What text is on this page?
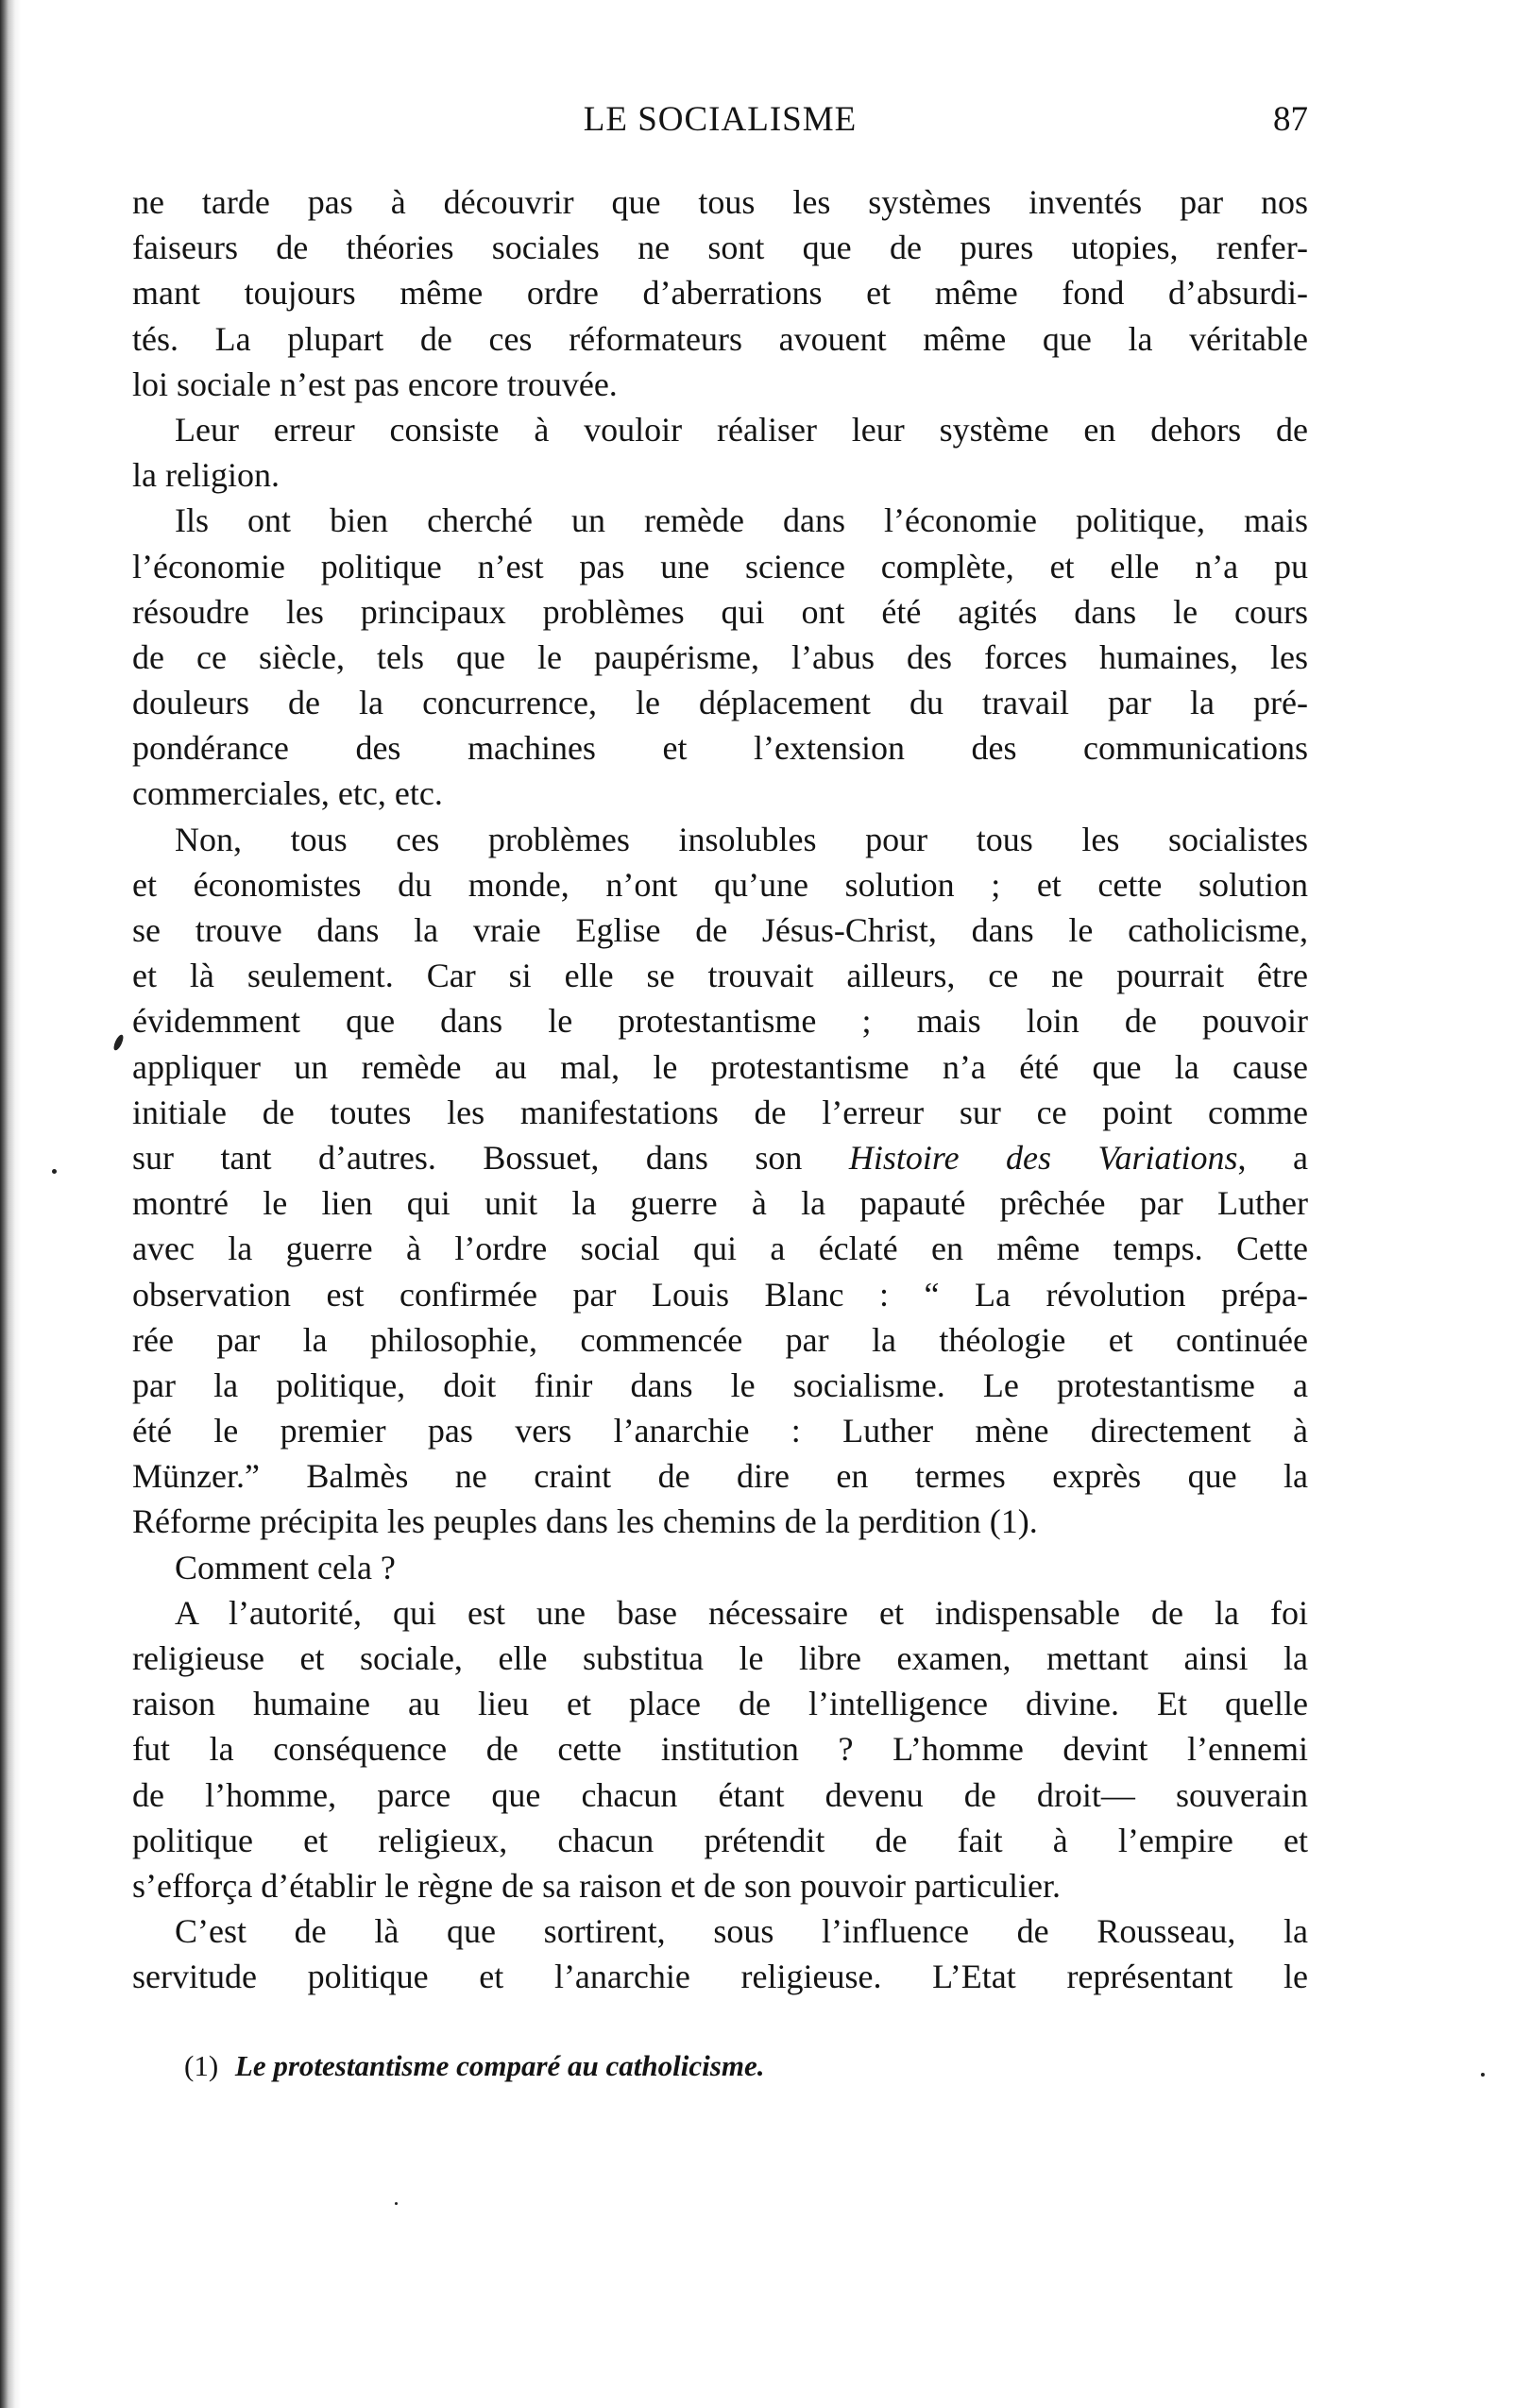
LE SOCIALISME	87
ne tarde pas à découvrir que tous les systèmes inventés par nos
faiseurs de théories sociales ne sont que de pures utopies, renfer-
mant toujours même ordre d’aberrations et même fond d’absurdi-
tés. La plupart de ces réformateurs avouent même que la véritable
loi sociale n’est pas encore trouvée.
Leur erreur consiste à vouloir réaliser leur système en dehors de
la religion.
Ils ont bien cherché un remède dans l’économie politique, mais
l’économie politique n’est pas une science complète, et elle n’a pu
résoudre les principaux problèmes qui ont été agités dans le cours
de ce siècle, tels que le paupérisme, l’abus des forces humaines, les
douleurs de la concurrence, le déplacement du travail par la pré-
pondérance des machines et l’extension des communications
commerciales, etc, etc.
Non, tous ces problèmes insolubles pour tous les socialistes
et économistes du monde, n’ont qu’une solution ; et cette solution
se trouve dans la vraie Eglise de Jésus-Christ, dans le catholicisme,
et là seulement. Car si elle se trouvait ailleurs, ce ne pourrait être
évidemment que dans le protestantisme ; mais loin de pouvoir
appliquer un remède au mal, le protestantisme n’a été que la cause
initiale de toutes les manifestations de l’erreur sur ce point comme
sur tant d’autres. Bossuet, dans son Histoire des Variations, a
montré le lien qui unit la guerre à la papauté prêchée par Luther
avec la guerre à l’ordre social qui a éclaté en même temps. Cette
observation est confirmée par Louis Blanc : “ La révolution prépa-
rée par la philosophie, commencée par la théologie et continuée
par la politique, doit finir dans le socialisme. Le protestantisme a
été le premier pas vers l’anarchie : Luther mène directement à
Münzer.” Balmès ne craint de dire en termes exprès que la
Réforme précipita les peuples dans les chemins de la perdition (1).
Comment cela ?
A l’autorité, qui est une base nécessaire et indispensable de la foi
religieuse et sociale, elle substitua le libre examen, mettant ainsi la
raison humaine au lieu et place de l’intelligence divine. Et quelle
fut la conséquence de cette institution ? L’homme devint l’ennemi
de l’homme, parce que chacun étant devenu de droit— souverain
politique et religieux, chacun prétendit de fait à l’empire et
s’efforça d’établir le règne de sa raison et de son pouvoir particulier.
C’est de là que sortirent, sous l’influence de Rousseau, la
servitude politique et l’anarchie religieuse. L’Etat représentant le
(1) Le protestantisme comparé au catholicisme.
